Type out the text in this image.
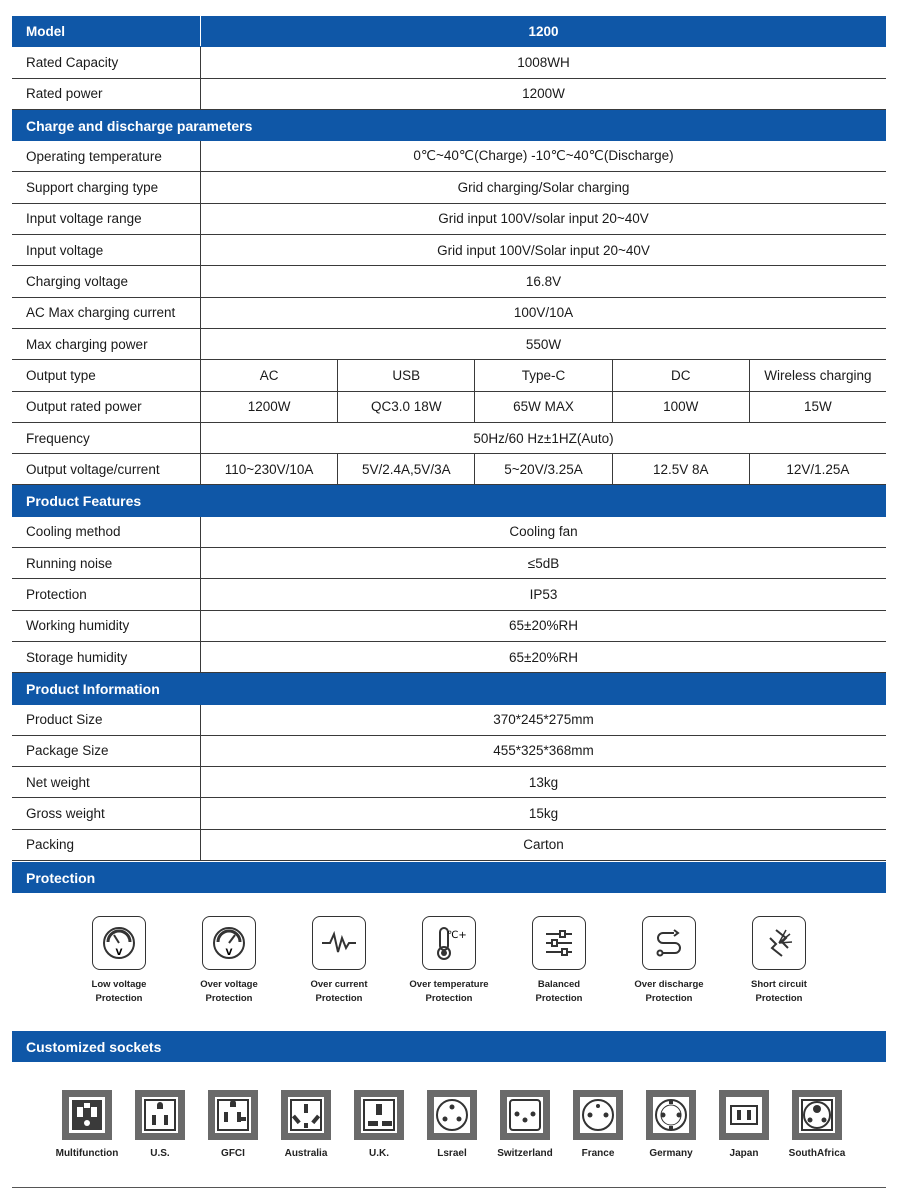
Model	1200
Rated Capacity	1008WH
Rated power	1200W
Charge and discharge parameters
Operating temperature	0℃~40℃(Charge) -10℃~40℃(Discharge)
Support charging type	Grid charging/Solar charging
Input voltage range	Grid input 100V/solar input 20~40V
Input voltage	Grid input 100V/Solar input 20~40V
Charging voltage	16.8V
AC Max charging current	100V/10A
Max charging power	550W
Output type	AC	USB	Type-C	DC	Wireless charging
Output rated power	1200W	QC3.0 18W	65W MAX	100W	15W
Frequency	50Hz/60 Hz±1HZ(Auto)
Output voltage/current	110~230V/10A	5V/2.4A,5V/3A	5~20V/3.25A	12.5V 8A	12V/1.25A
Product Features
Cooling method	Cooling fan
Running noise	≤5dB
Protection	IP53
Working humidity	65±20%RH
Storage humidity	65±20%RH
Product Information
Product Size	370*245*275mm
Package Size	455*325*368mm
Net weight	13kg
Gross weight	15kg
Packing	Carton
Protection
V
Low voltage
Protection
V
Over voltage
Protection
Over current
Protection
℃+
Over temperature
Protection
Balanced
Protection
Over discharge
Protection
Short circuit
Protection
Customized sockets
Multifunction	U.S.	GFCI	Australia	U.K.	Lsrael	Switzerland	France	Germany	Japan	SouthAfrica
